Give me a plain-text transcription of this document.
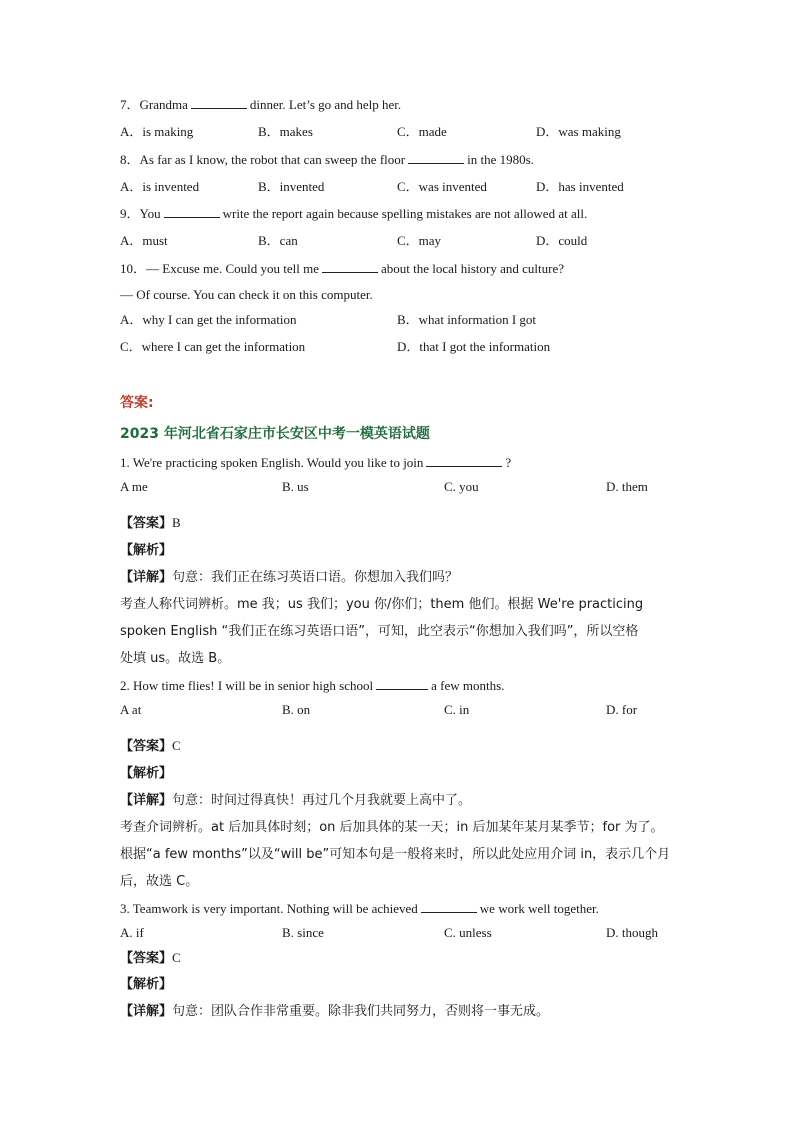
7．Grandma	dinner. Let’s go and help her.
A．is making	B．makes	C．made	D．was making
8．As far as I know, the robot that can sweep the floor	in the 1980s.
A．is invented	B．invented	C．was invented	D．has invented
9．You	write the report again because spelling mistakes are not allowed at all.
A．must	B．can	C．may	D．could
10．— Excuse me. Could you tell me	about the local history and culture?
— Of course. You can check it on this computer.
A．why I can get the information	B．what information I got
C．where I can get the information	D．that I got the information
答案:
2023 年河北省石家庄市长安区中考一模英语试题
1. We're practicing spoken English. Would you like to join	?
A me	B. us	C. you	D. them
【答案】B
【解析】
【详解】句意：我们正在练习英语口语。你想加入我们吗？
考查人称代词辨析。me 我；us 我们；you 你/你们；them 他们。根据 We're practicing
spoken English “我们正在练习英语口语”，可知，此空表示“你想加入我们吗”，所以空格
处填 us。故选 B。
2. How time flies! I will be in senior high school	a few months.
A at	B. on	C. in	D. for
【答案】C
【解析】
【详解】句意：时间过得真快！再过几个月我就要上高中了。
考查介词辨析。at 后加具体时刻；on 后加具体的某一天；in 后加某年某月某季节；for 为了。
根据“a few months”以及“will be”可知本句是一般将来时，所以此处应用介词 in，表示几个月
后，故选 C。
3. Teamwork is very important. Nothing will be achieved	we work well together.
A. if	B. since	C. unless	D. though
【答案】C
【解析】
【详解】句意：团队合作非常重要。除非我们共同努力，否则将一事无成。
